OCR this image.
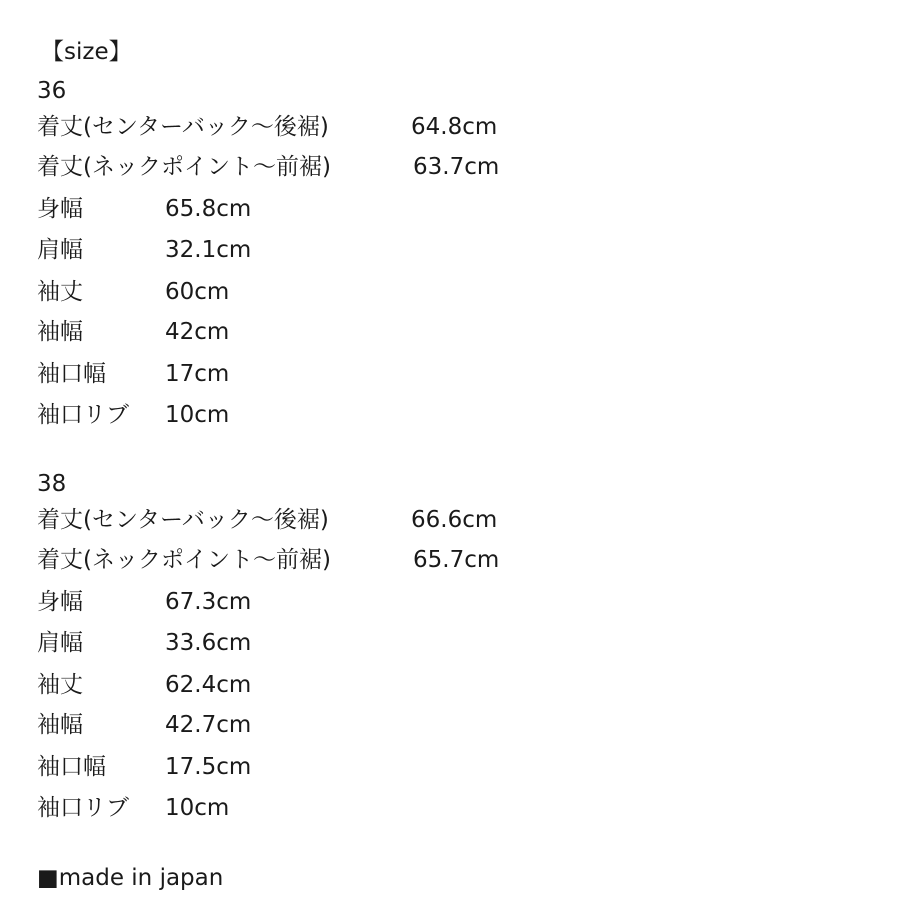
【size】
36
着丈(センターバック～後裾)	64.8cm
着丈(ネックポイント～前裾)	63.7cm
身幅	65.8cm
肩幅	32.1cm
袖丈	60cm
袖幅	42cm
袖口幅	17cm
袖口リブ 10cm
38
着丈(センターバック～後裾)	66.6cm
着丈(ネックポイント～前裾)	65.7cm
身幅	67.3cm
肩幅	33.6cm
袖丈	62.4cm
袖幅	42.7cm
袖口幅	17.5cm
袖口リブ 10cm
■made in japan
